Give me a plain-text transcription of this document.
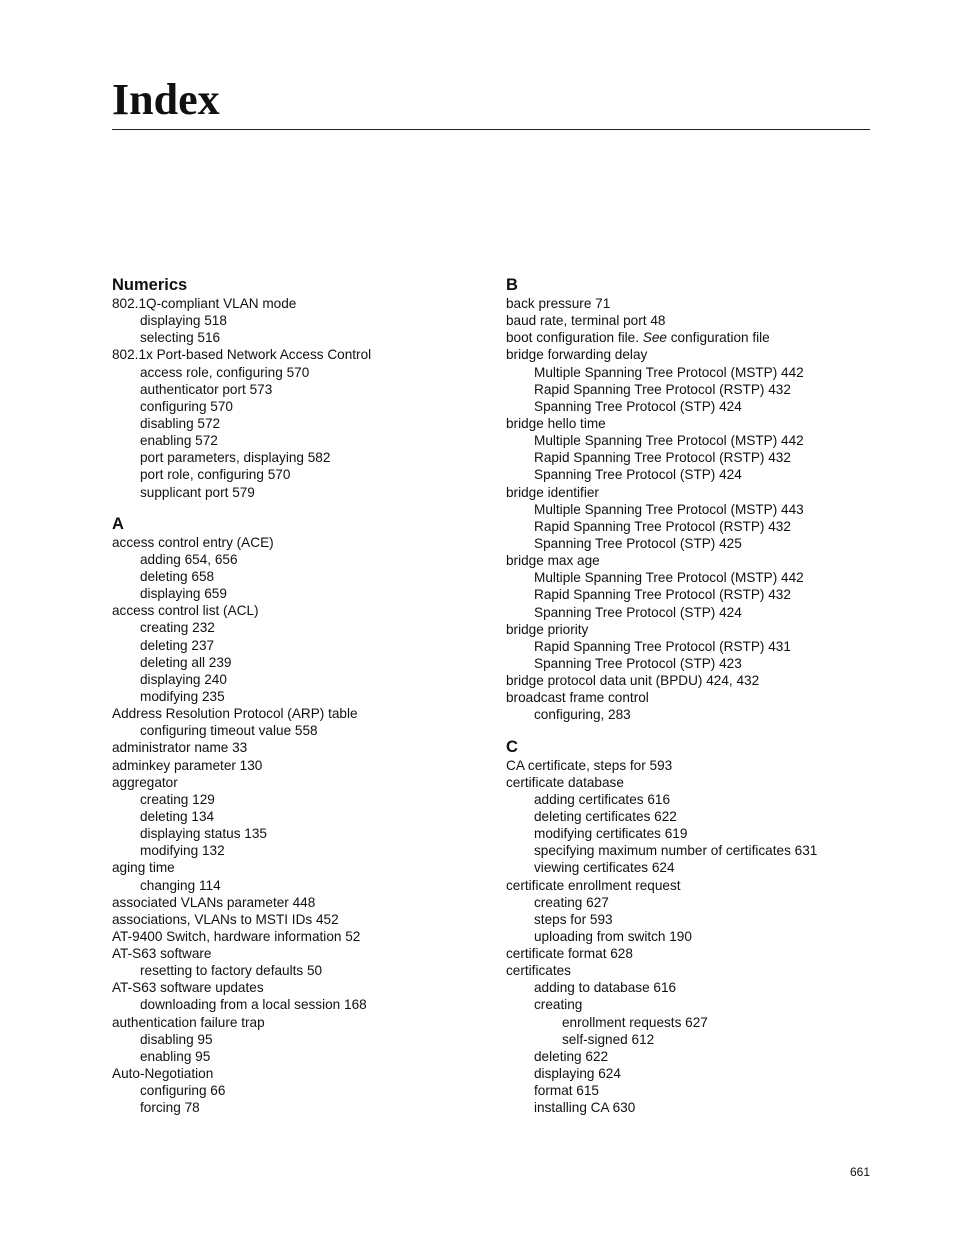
Index
Numerics
802.1Q-compliant VLAN mode
displaying 518
selecting 516
802.1x Port-based Network Access Control
access role, configuring 570
authenticator port 573
configuring 570
disabling 572
enabling 572
port parameters, displaying 582
port role, configuring 570
supplicant port 579
A
access control entry (ACE)
adding 654, 656
deleting 658
displaying 659
access control list (ACL)
creating 232
deleting 237
deleting all 239
displaying 240
modifying 235
Address Resolution Protocol (ARP) table
configuring timeout value 558
administrator name 33
adminkey parameter 130
aggregator
creating 129
deleting 134
displaying status 135
modifying 132
aging time
changing 114
associated VLANs parameter 448
associations, VLANs to MSTI IDs 452
AT-9400 Switch, hardware information 52
AT-S63 software
resetting to factory defaults 50
AT-S63 software updates
downloading from a local session 168
authentication failure trap
disabling 95
enabling 95
Auto-Negotiation
configuring 66
forcing 78
B
back pressure 71
baud rate, terminal port 48
boot configuration file. See configuration file
bridge forwarding delay
Multiple Spanning Tree Protocol (MSTP) 442
Rapid Spanning Tree Protocol (RSTP) 432
Spanning Tree Protocol (STP) 424
bridge hello time
Multiple Spanning Tree Protocol (MSTP) 442
Rapid Spanning Tree Protocol (RSTP) 432
Spanning Tree Protocol (STP) 424
bridge identifier
Multiple Spanning Tree Protocol (MSTP) 443
Rapid Spanning Tree Protocol (RSTP) 432
Spanning Tree Protocol (STP) 425
bridge max age
Multiple Spanning Tree Protocol (MSTP) 442
Rapid Spanning Tree Protocol (RSTP) 432
Spanning Tree Protocol (STP) 424
bridge priority
Rapid Spanning Tree Protocol (RSTP) 431
Spanning Tree Protocol (STP) 423
bridge protocol data unit (BPDU) 424, 432
broadcast frame control
configuring, 283
C
CA certificate, steps for 593
certificate database
adding certificates 616
deleting certificates 622
modifying certificates 619
specifying maximum number of certificates 631
viewing certificates 624
certificate enrollment request
creating 627
steps for 593
uploading from switch 190
certificate format 628
certificates
adding to database 616
creating
enrollment requests 627
self-signed 612
deleting 622
displaying 624
format 615
installing CA 630
661
